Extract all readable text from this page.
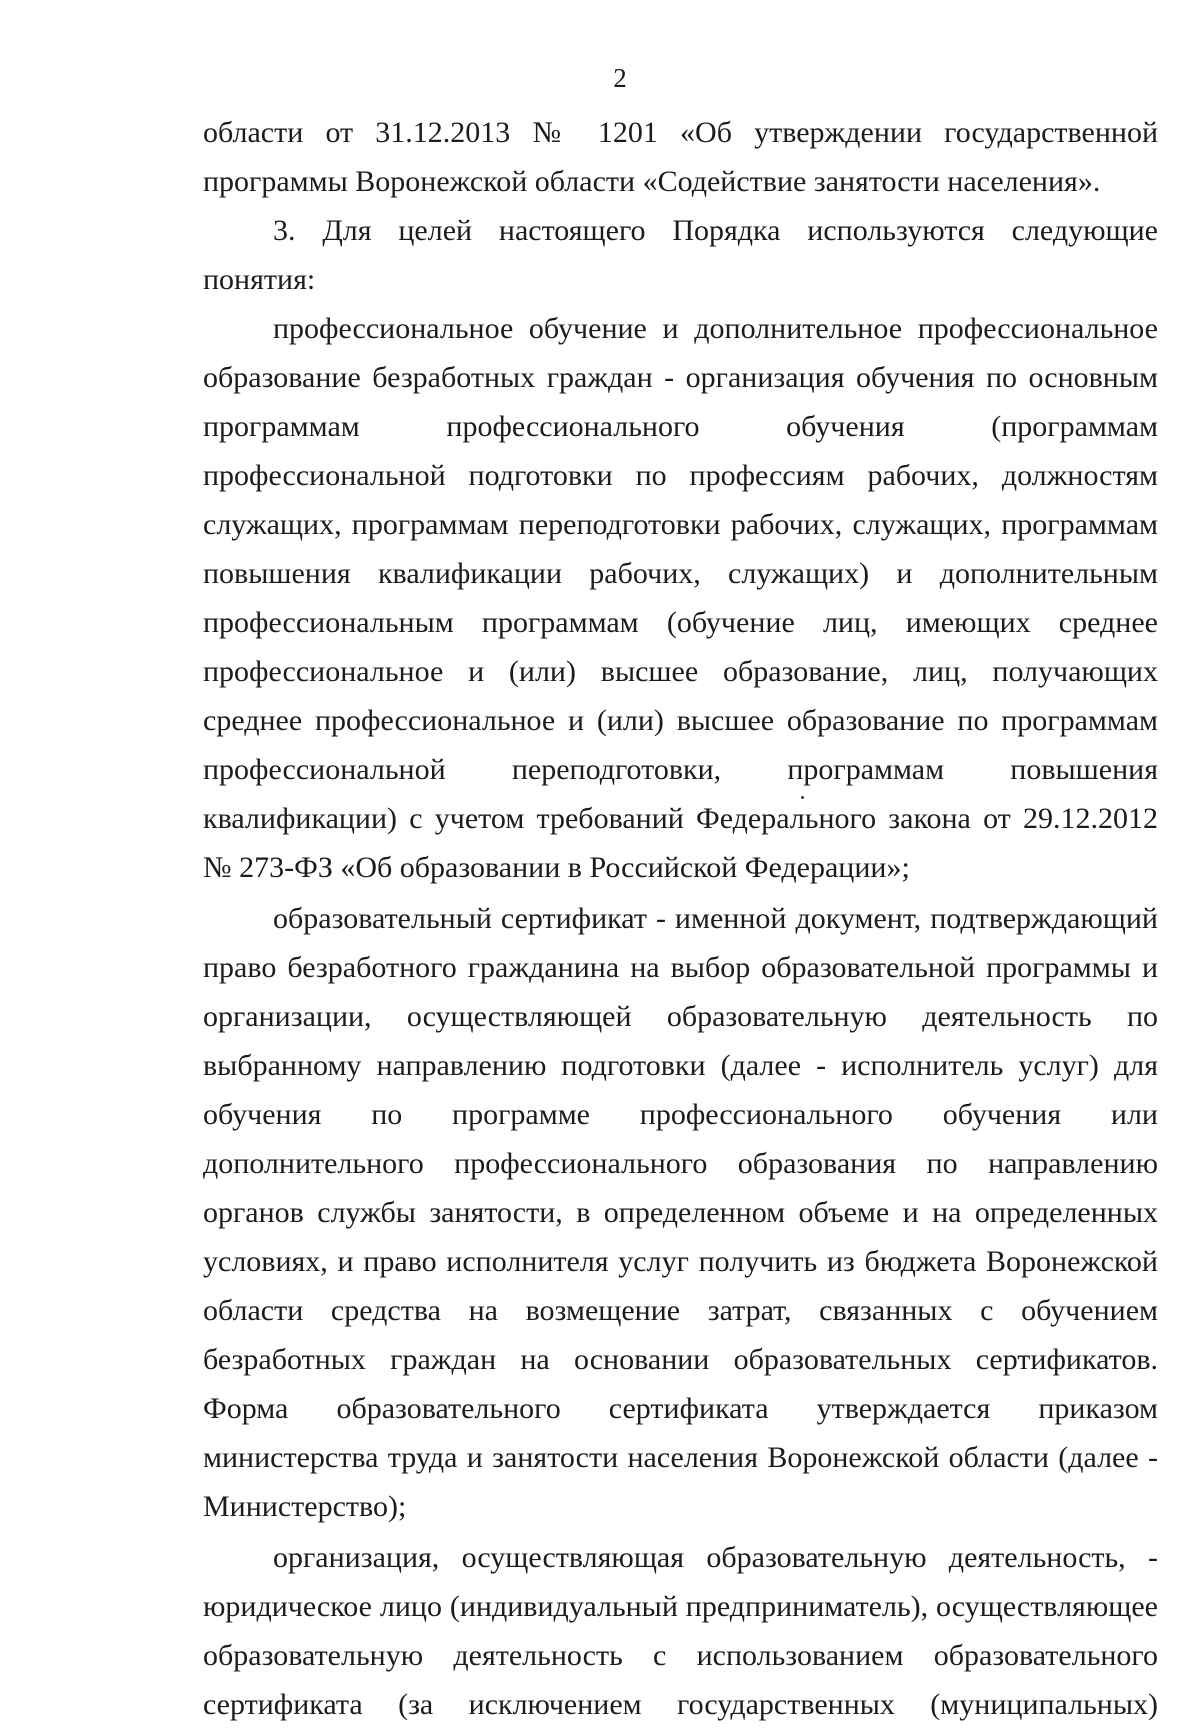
2

области от 31.12.2013 № 1201 «Об утверждении государственной программы Воронежской области «Содействие занятости населения».

3. Для целей настоящего Порядка используются следующие понятия:

профессиональное обучение и дополнительное профессиональное образование безработных граждан - организация обучения по основным программам профессионального обучения (программам профессиональной подготовки по профессиям рабочих, должностям служащих, программам переподготовки рабочих, служащих, программам повышения квалификации рабочих, служащих) и дополнительным профессиональным программам (обучение лиц, имеющих среднее профессиональное и (или) высшее образование, лиц, получающих среднее профессиональное и (или) высшее образование по программам профессиональной переподготовки, программам повышения квалификации) с учетом требований Федерального закона от 29.12.2012 № 273-ФЗ «Об образовании в Российской Федерации»;

образовательный сертификат - именной документ, подтверждающий право безработного гражданина на выбор образовательной программы и организации, осуществляющей образовательную деятельность по выбранному направлению подготовки (далее - исполнитель услуг) для обучения по программе профессионального обучения или дополнительного профессионального образования по направлению органов службы занятости, в определенном объеме и на определенных условиях, и право исполнителя услуг получить из бюджета Воронежской области средства на возмещение затрат, связанных с обучением безработных граждан на основании образовательных сертификатов. Форма образовательного сертификата утверждается приказом министерства труда и занятости населения Воронежской области (далее - Министерство);

организация, осуществляющая образовательную деятельность, - юридическое лицо (индивидуальный предприниматель), осуществляющее образовательную деятельность с использованием образовательного сертификата (за исключением государственных (муниципальных)
